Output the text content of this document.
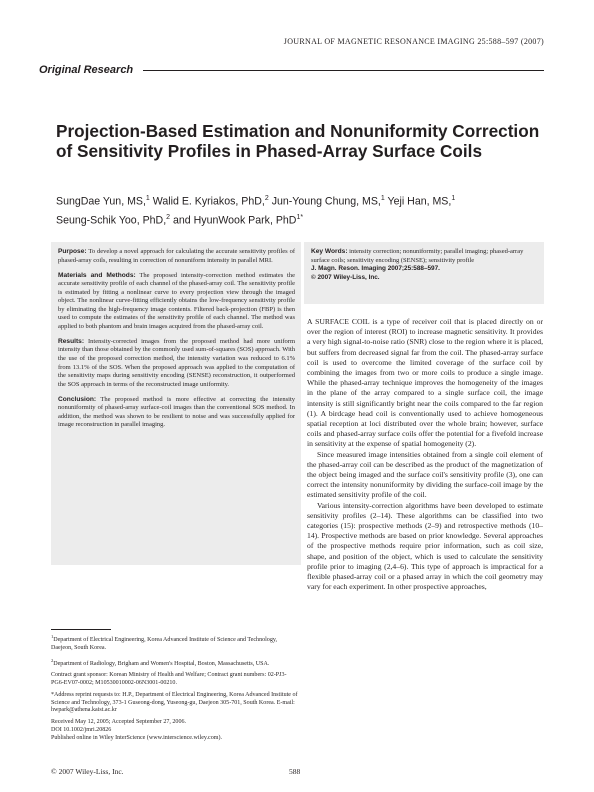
JOURNAL OF MAGNETIC RESONANCE IMAGING 25:588–597 (2007)
Original Research
Projection-Based Estimation and Nonuniformity Correction of Sensitivity Profiles in Phased-Array Surface Coils
SungDae Yun, MS,$^1$ Walid E. Kyriakos, PhD,$^2$ Jun-Young Chung, MS,$^1$ Yeji Han, MS,$^1$
Seung-Schik Yoo, PhD,$^2$ and HyunWook Park, PhD$^{1*}$

Purpose: To develop a novel approach for calculating the accurate sensitivity profiles of phased-array coils, resulting in correction of nonuniform intensity in parallel MRI.

Materials and Methods: The proposed intensity-correction method estimates the accurate sensitivity profile of each channel of the phased-array coil. The sensitivity profile is estimated by fitting a nonlinear curve to every projection view through the imaged object. The nonlinear curve-fitting efficiently obtains the low-frequency sensitivity profile by eliminating the high-frequency image contents. Filtered back-projection (FBP) is then used to compute the estimates of the sensitivity profile of each channel. The method was applied to both phantom and brain images acquired from the phased-array coil.

Results: Intensity-corrected images from the proposed method had more uniform intensity than those obtained by the commonly used sum-of-squares (SOS) approach. With the use of the proposed correction method, the intensity variation was reduced to 6.1% from 13.1% of the SOS. When the proposed approach was applied to the computation of the sensitivity maps during sensitivity encoding (SENSE) reconstruction, it outperformed the SOS approach in terms of the reconstructed image uniformity.

Conclusion: The proposed method is more effective at correcting the intensity nonuniformity of phased-array surface-coil images than the conventional SOS method. In addition, the method was shown to be resilient to noise and was successfully applied for image reconstruction in parallel imaging.

Key Words: intensity correction; nonuniformity; parallel imaging; phased-array surface coils; sensitivity encoding (SENSE); sensitivity profile
J. Magn. Reson. Imaging 2007;25:588–597.
© 2007 Wiley-Liss, Inc.

A SURFACE COIL is a type of receiver coil that is placed directly on or over the region of interest (ROI) to increase magnetic sensitivity. It provides a very high signal-to-noise ratio (SNR) close to the region where it is placed, but suffers from decreased signal far from the coil. The phased-array surface coil is used to overcome the limited coverage of the surface coil by combining the images from two or more coils to produce a single image. While the phased-array technique improves the homogeneity of the images in the plane of the array compared to a single surface coil, the image intensity is still significantly bright near the coils compared to the far region (1). A birdcage head coil is conventionally used to achieve homogeneous spatial reception at loci distributed over the whole brain; however, surface coils and phased-array surface coils offer the potential for a fivefold increase in sensitivity at the expense of spatial homogeneity (2).

Since measured image intensities obtained from a single coil element of the phased-array coil can be described as the product of the magnetization of the object being imaged and the surface coil's sensitivity profile (3), one can correct the intensity nonuniformity by dividing the surface-coil image by the estimated sensitivity profile of the coil.

Various intensity-correction algorithms have been developed to estimate sensitivity profiles (2–14). These algorithms can be classified into two categories (15): prospective methods (2–9) and retrospective methods (10–14). Prospective methods are based on prior knowledge. Several approaches of the prospective methods require prior information, such as coil size, shape, and position of the object, which is used to calculate the sensitivity profile prior to imaging (2,4–6). This type of approach is impractical for a flexible phased-array coil or a phased array in which the coil geometry may vary for each experiment. In other prospective approaches,

$^1$Department of Electrical Engineering, Korea Advanced Institute of Science and Technology, Daejeon, South Korea.

$^2$Department of Radiology, Brigham and Women's Hospital, Boston, Massachusetts, USA.

Contract grant sponsor: Korean Ministry of Health and Welfare; Contract grant numbers: 02-PJ3-PG6-EV07-0002; M10530010002-06N3001-00210.

*Address reprint requests to: H.P., Department of Electrical Engineering, Korea Advanced Institute of Science and Technology, 373-1 Guseong-dong, Yuseong-gu, Daejeon 305-701, South Korea. E-mail: hwpark@athena.kaist.ac.kr

Received May 12, 2005; Accepted September 27, 2006.

DOI 10.1002/jmri.20826

Published online in Wiley InterScience (www.interscience.wiley.com).

© 2007 Wiley-Liss, Inc.	588
